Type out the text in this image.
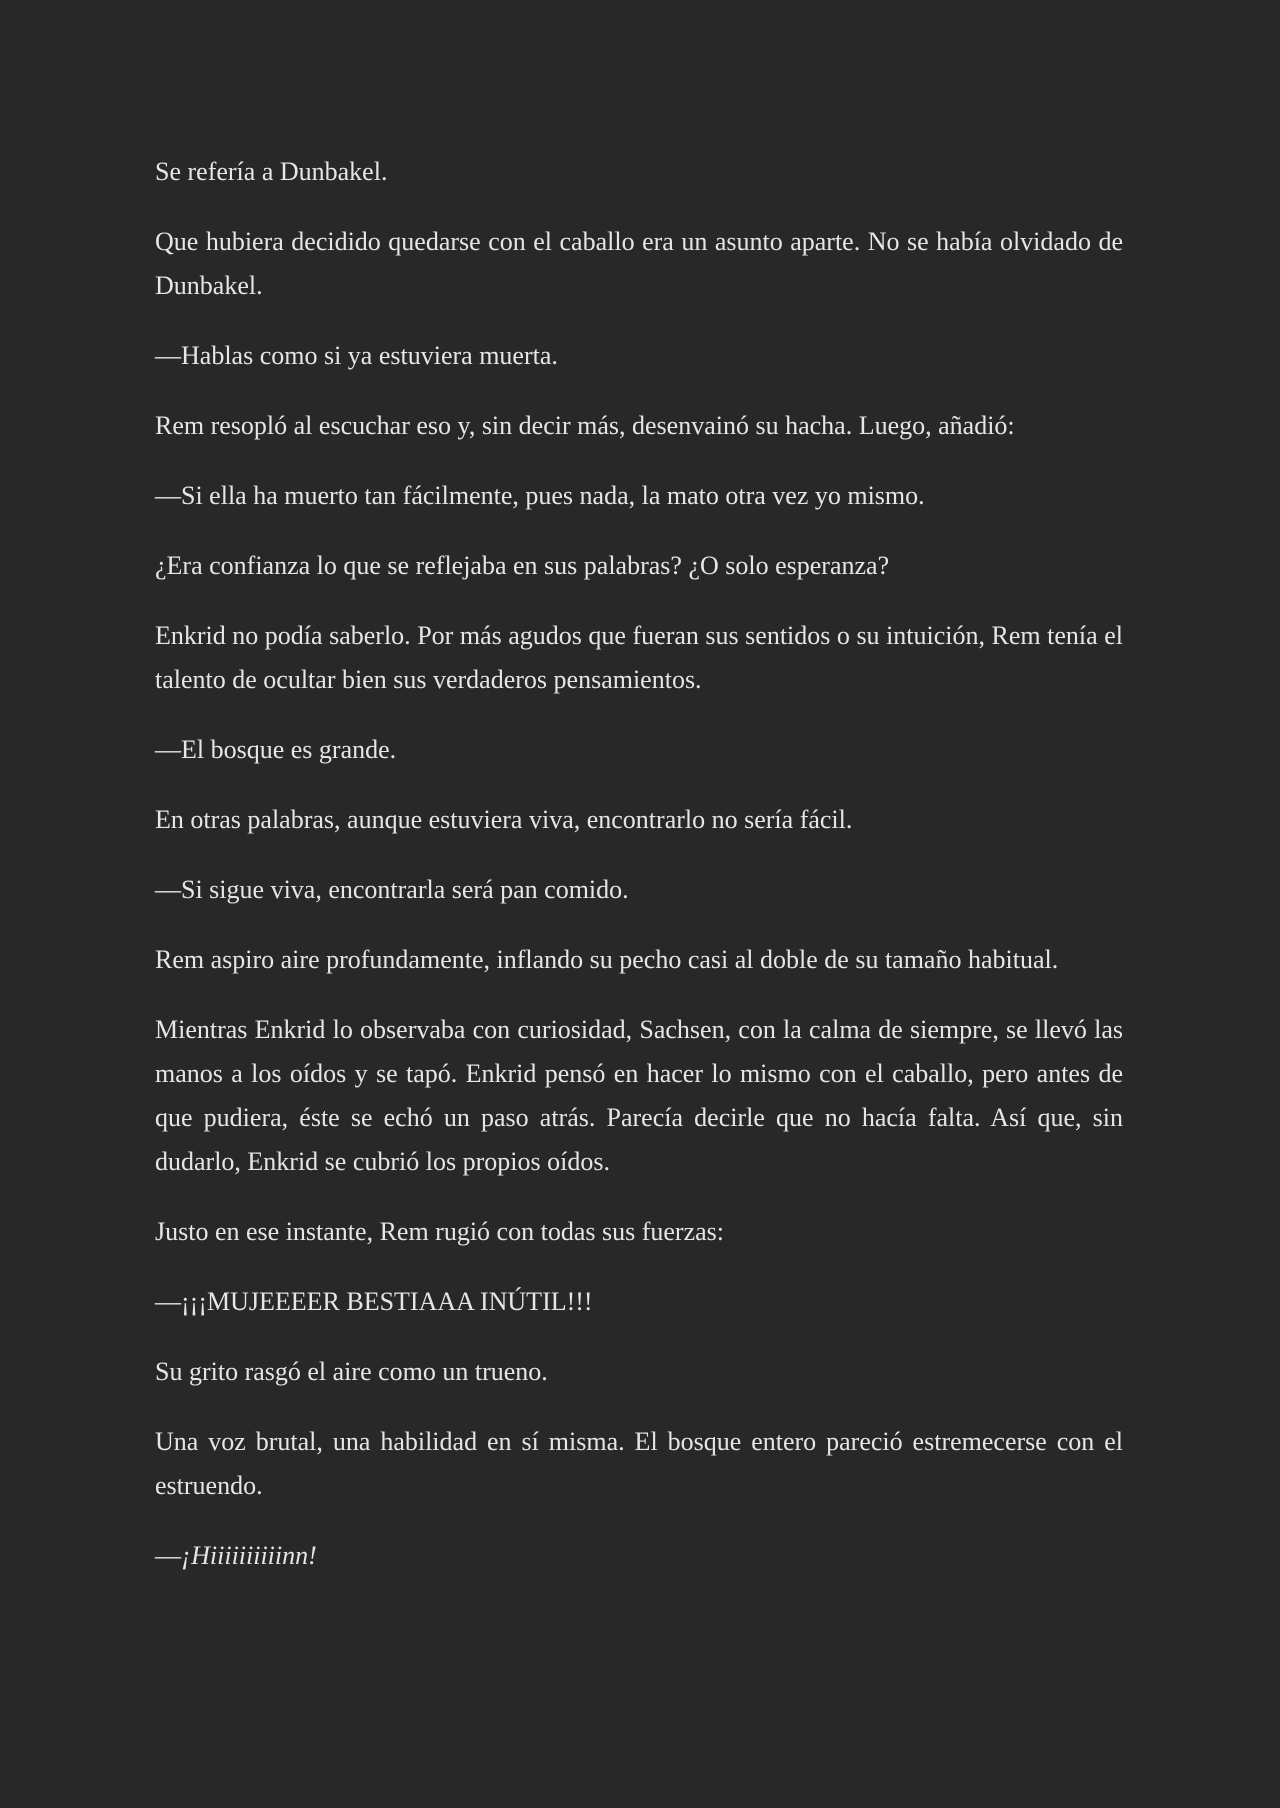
Se refería a Dunbakel.

Que hubiera decidido quedarse con el caballo era un asunto aparte. No se había olvidado de Dunbakel.

—Hablas como si ya estuviera muerta.

Rem resopló al escuchar eso y, sin decir más, desenvainó su hacha. Luego, añadió:

—Si ella ha muerto tan fácilmente, pues nada, la mato otra vez yo mismo.

¿Era confianza lo que se reflejaba en sus palabras? ¿O solo esperanza?

Enkrid no podía saberlo. Por más agudos que fueran sus sentidos o su intuición, Rem tenía el talento de ocultar bien sus verdaderos pensamientos.

—El bosque es grande.

En otras palabras, aunque estuviera viva, encontrarlo no sería fácil.

—Si sigue viva, encontrarla será pan comido.

Rem aspiro aire profundamente, inflando su pecho casi al doble de su tamaño habitual.

Mientras Enkrid lo observaba con curiosidad, Sachsen, con la calma de siempre, se llevó las manos a los oídos y se tapó. Enkrid pensó en hacer lo mismo con el caballo, pero antes de que pudiera, éste se echó un paso atrás. Parecía decirle que no hacía falta. Así que, sin dudarlo, Enkrid se cubrió los propios oídos.

Justo en ese instante, Rem rugió con todas sus fuerzas:

—¡¡¡MUJEEEER BESTIAAA INÚTIL!!!

Su grito rasgó el aire como un trueno.

Una voz brutal, una habilidad en sí misma. El bosque entero pareció estremecerse con el estruendo.

—¡Hiiiiiiiiiinn!
